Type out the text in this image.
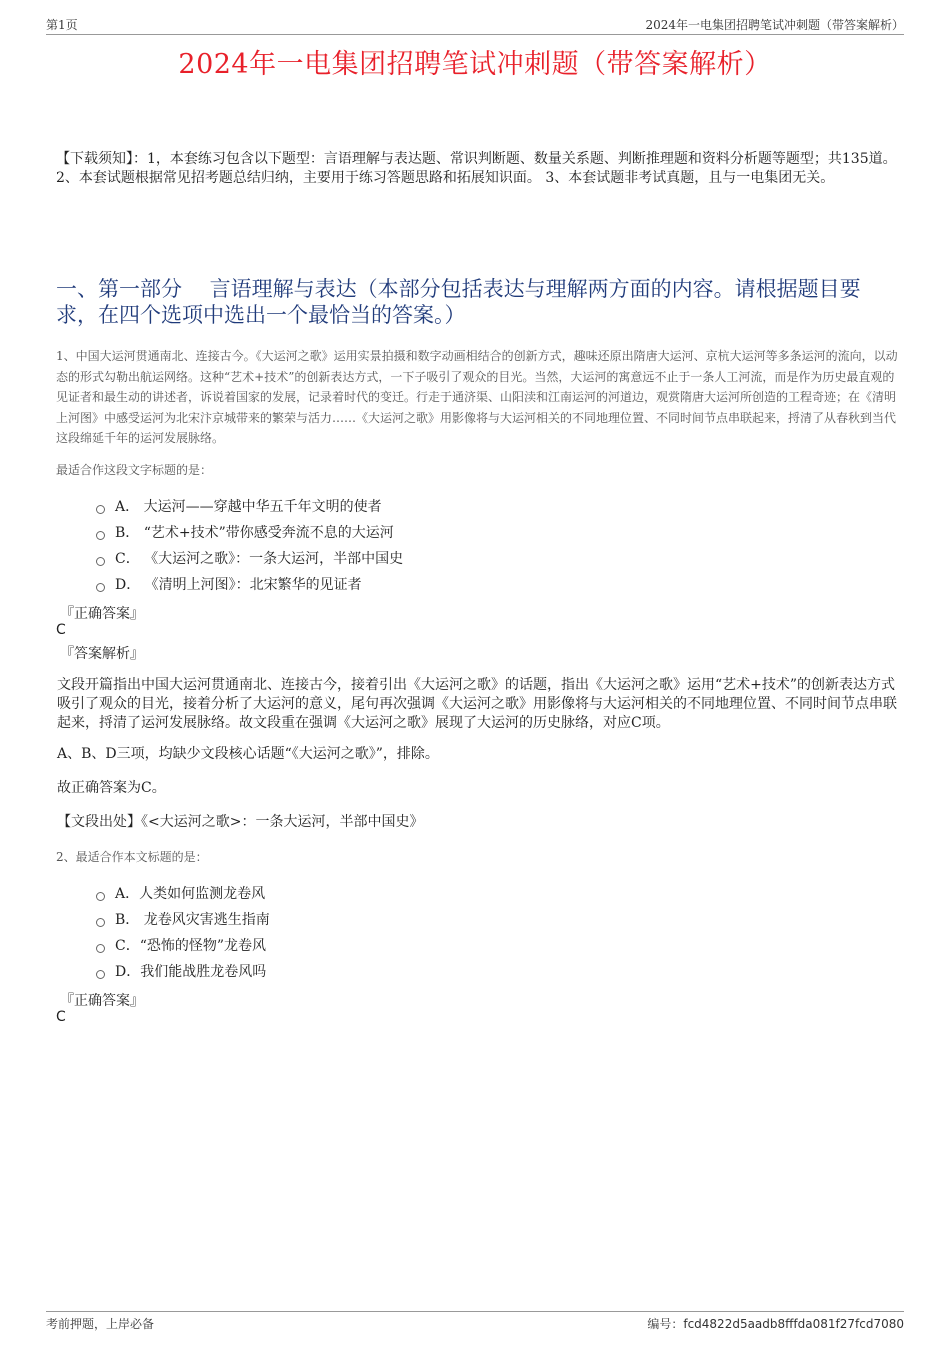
第1页	2024年一电集团招聘笔试冲刺题（带答案解析）
2024年一电集团招聘笔试冲刺题（带答案解析）
【下载须知】：1，本套练习包含以下题型：言语理解与表达题、常识判断题、数量关系题、判断推理题和资料分析题等题型；共135道。 2、本套试题根据常见招考题总结归纳，主要用于练习答题思路和拓展知识面。 3、本套试题非考试真题，且与一电集团无关。
一、第一部分　 言语理解与表达（本部分包括表达与理解两方面的内容。请根据题目要求，在四个选项中选出一个最恰当的答案。）
1、中国大运河贯通南北、连接古今。《大运河之歌》运用实景拍摄和数字动画相结合的创新方式，趣味还原出隋唐大运河、京杭大运河等多条运河的流向，以动态的形式勾勒出航运网络。这种“艺术+技术”的创新表达方式，一下子吸引了观众的目光。当然，大运河的寓意远不止于一条人工河流，而是作为历史最直观的见证者和最生动的讲述者，诉说着国家的发展，记录着时代的变迁。行走于通济渠、山阳渎和江南运河的河道边，观赏隋唐大运河所创造的工程奇迹；在《清明上河图》中感受运河为北宋汴京城带来的繁荣与活力……《大运河之歌》用影像将与大运河相关的不同地理位置、不同时间节点串联起来，捋清了从春秋到当代这段绵延千年的运河发展脉络。
最适合作这段文字标题的是：
A． 大运河——穿越中华五千年文明的使者
B． “艺术+技术”带你感受奔流不息的大运河
C． 《大运河之歌》：一条大运河，半部中国史
D． 《清明上河图》：北宋繁华的见证者
『正确答案』
C
『答案解析』
文段开篇指出中国大运河贯通南北、连接古今，接着引出《大运河之歌》的话题，指出《大运河之歌》运用“艺术+技术”的创新表达方式吸引了观众的目光，接着分析了大运河的意义，尾句再次强调《大运河之歌》用影像将与大运河相关的不同地理位置、不同时间节点串联起来，捋清了运河发展脉络。故文段重在强调《大运河之歌》展现了大运河的历史脉络，对应C项。
A、B、D三项，均缺少文段核心话题“《大运河之歌》”，排除。
故正确答案为C。
【文段出处】《<大运河之歌>：一条大运河，半部中国史》
2、最适合作本文标题的是：
A．人类如何监测龙卷风
B． 龙卷风灾害逃生指南
C．“恐怖的怪物”龙卷风
D．我们能战胜龙卷风吗
『正确答案』
C
考前押题，上岸必备	编号：fcd4822d5aadb8fffda081f27fcd7080
